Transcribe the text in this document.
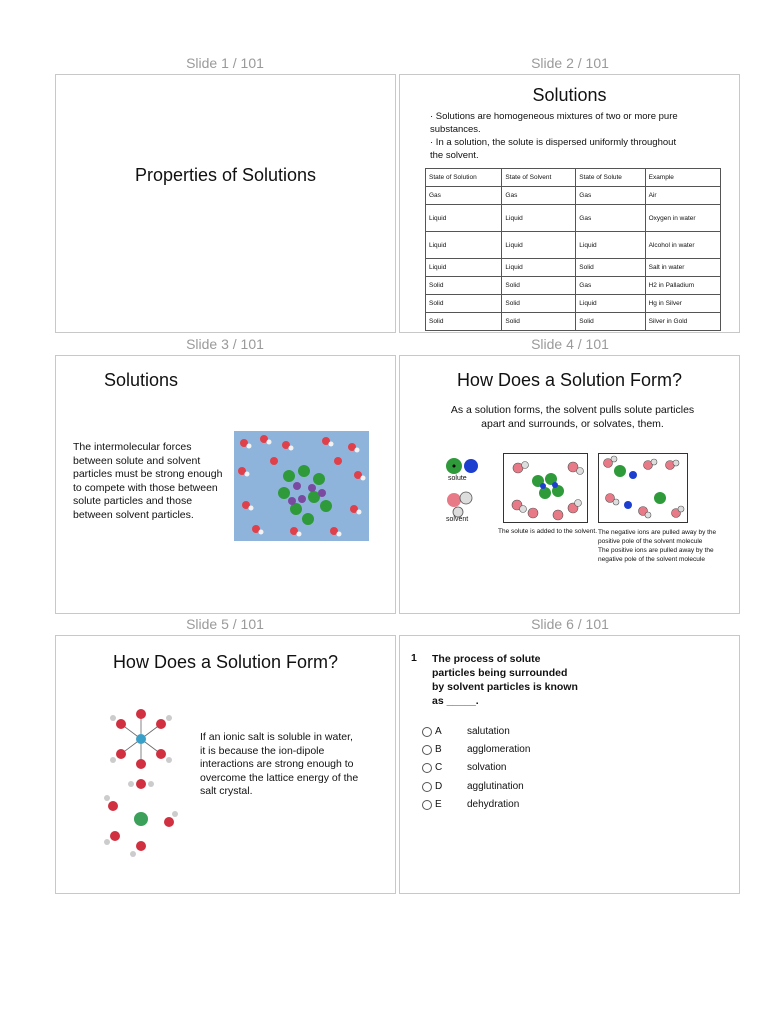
Slide 1 / 101	Slide 2 / 101
Slide 3 / 101	Slide 4 / 101
Slide 5 / 101	Slide 6 / 101
Properties of Solutions
Solutions
· Solutions are homogeneous mixtures of two or more pure substances.
· In a solution, the solute is dispersed uniformly throughout the solvent.
State of Solution	State of Solvent	State of Solute	Example
Gas	Gas	Gas	Air
Liquid	Liquid	Gas	Oxygen in water
Liquid	Liquid	Liquid	Alcohol in water
Liquid	Liquid	Solid	Salt in water
Solid	Solid	Gas	H2 in Palladium
Solid	Solid	Liquid	Hg in Silver
Solid	Solid	Solid	Silver in Gold
Solutions
The intermolecular forces between solute and solvent particles must be strong enough to compete with those between solute particles and those between solvent particles.
How Does a Solution Form?
As a solution forms, the solvent pulls solute particles apart and surrounds, or solvates, them.
solute
solvent
The solute is added to the solvent. The negative ions are pulled away by the positive pole of the solvent molecule
The positive ions are pulled away by the negative pole of the solvent molecule
How Does a Solution Form?
If an ionic salt is soluble in water, it is because the ion-dipole interactions are strong enough to overcome the lattice energy of the salt crystal.
1 The process of solute particles being surrounded by solvent particles is known as _____.
A	salutation
B	agglomeration
C	solvation
D	agglutination
E	dehydration
